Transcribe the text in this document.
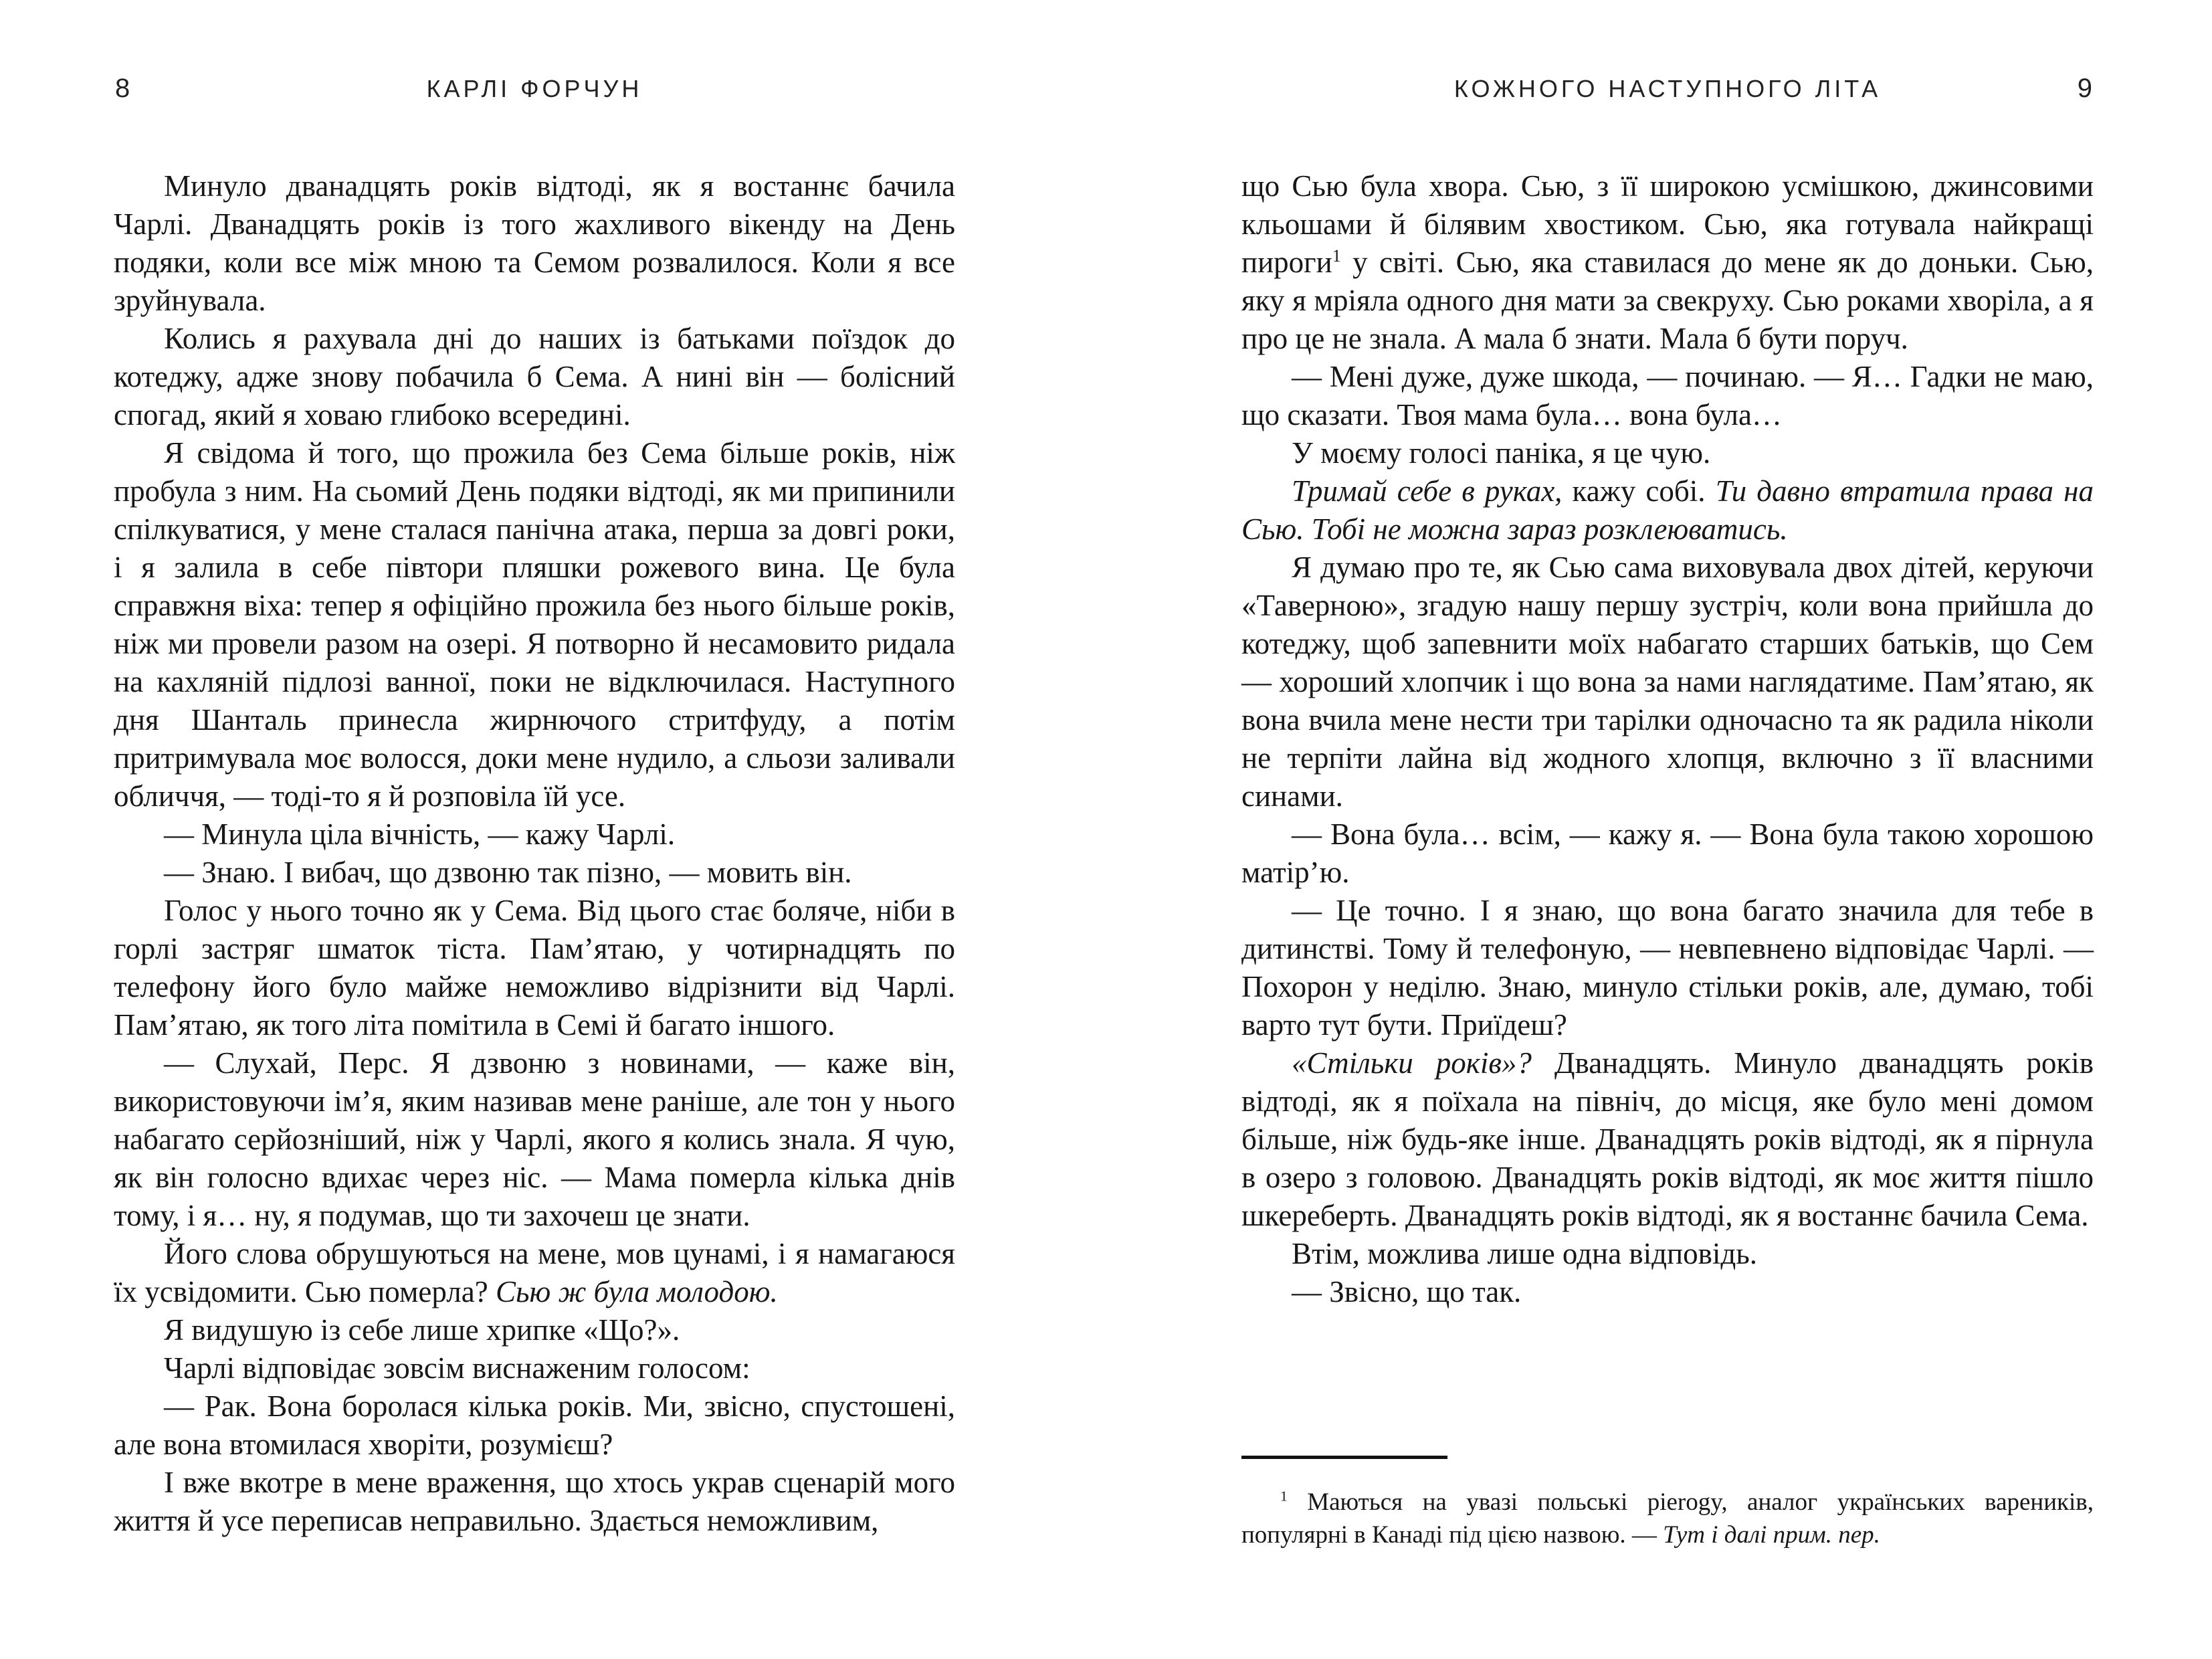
8	КАРЛІ ФОРЧУН

Минуло дванадцять років відтоді, як я востаннє бачила Чарлі. Дванадцять років із того жахливого вікенду на День подяки, коли все між мною та Семом розвалилося. Коли я все зруйнувала.

Колись я рахувала дні до наших із батьками поїздок до котеджу, адже знову побачила б Сема. А нині він — болісний спогад, який я ховаю глибоко всередині.

Я свідома й того, що прожила без Сема більше років, ніж пробула з ним. На сьомий День подяки відтоді, як ми припинили спілкуватися, у мене сталася панічна атака, перша за довгі роки, і я залила в себе півтори пляшки рожевого вина. Це була справжня віха: тепер я офіційно прожила без нього більше років, ніж ми провели разом на озері. Я потворно й несамовито ридала на кахляній підлозі ванної, поки не відключилася. Наступного дня Шанталь принесла жирнючого стритфуду, а потім притримувала моє волосся, доки мене нудило, а сльози заливали обличчя, — тоді-то я й розповіла їй усе.

— Минула ціла вічність, — кажу Чарлі.

— Знаю. І вибач, що дзвоню так пізно, — мовить він.

Голос у нього точно як у Сема. Від цього стає боляче, ніби в горлі застряг шматок тіста. Пам’ятаю, у чотирнадцять по телефону його було майже неможливо відрізнити від Чарлі. Пам’ятаю, як того літа помітила в Семі й багато іншого.

— Слухай, Перс. Я дзвоню з новинами, — каже він, використовуючи ім’я, яким називав мене раніше, але тон у нього набагато серйозніший, ніж у Чарлі, якого я колись знала. Я чую, як він голосно вдихає через ніс. — Мама померла кілька днів тому, і я… ну, я подумав, що ти захочеш це знати.

Його слова обрушуються на мене, мов цунамі, і я намагаюся їх усвідомити. Сью померла? Сью ж була молодою.

Я видушую із себе лише хрипке «Що?».

Чарлі відповідає зовсім виснаженим голосом:

— Рак. Вона боролася кілька років. Ми, звісно, спустошені, але вона втомилася хворіти, розумієш?

І вже вкотре в мене враження, що хтось украв сценарій мого життя й усе переписав неправильно. Здається неможливим,

КОЖНОГО НАСТУПНОГО ЛІТА	9

що Сью була хвора. Сью, з її широкою усмішкою, джинсовими кльошами й білявим хвостиком. Сью, яка готувала найкращі пироги$^1$ у світі. Сью, яка ставилася до мене як до доньки. Сью, яку я мріяла одного дня мати за свекруху. Сью роками хворіла, а я про це не знала. А мала б знати. Мала б бути поруч.

— Мені дуже, дуже шкода, — починаю. — Я… Гадки не маю, що сказати. Твоя мама була… вона була…

У моєму голосі паніка, я це чую.

Тримай себе в руках, кажу собі. Ти давно втратила права на Сью. Тобі не можна зараз розклеюватись.

Я думаю про те, як Сью сама виховувала двох дітей, керуючи «Таверною», згадую нашу першу зустріч, коли вона прийшла до котеджу, щоб запевнити моїх набагато старших батьків, що Сем — хороший хлопчик і що вона за нами наглядатиме. Пам’ятаю, як вона вчила мене нести три тарілки одночасно та як радила ніколи не терпіти лайна від жодного хлопця, включно з її власними синами.

— Вона була… всім, — кажу я. — Вона була такою хорошою матір’ю.

— Це точно. І я знаю, що вона багато значила для тебе в дитинстві. Тому й телефоную, — невпевнено відповідає Чарлі. — Похорон у неділю. Знаю, минуло стільки років, але, думаю, тобі варто тут бути. Приїдеш?

«Стільки років»? Дванадцять. Минуло дванадцять років відтоді, як я поїхала на північ, до місця, яке було мені домом більше, ніж будь-яке інше. Дванадцять років відтоді, як я пірнула в озеро з головою. Дванадцять років відтоді, як моє життя пішло шкереберть. Дванадцять років відтоді, як я востаннє бачила Сема.

Втім, можлива лише одна відповідь.

— Звісно, що так.

$^1$ Маються на увазі польські pierogy, аналог українських вареників, популярні в Канаді під цією назвою. — Тут і далі прим. пер.
